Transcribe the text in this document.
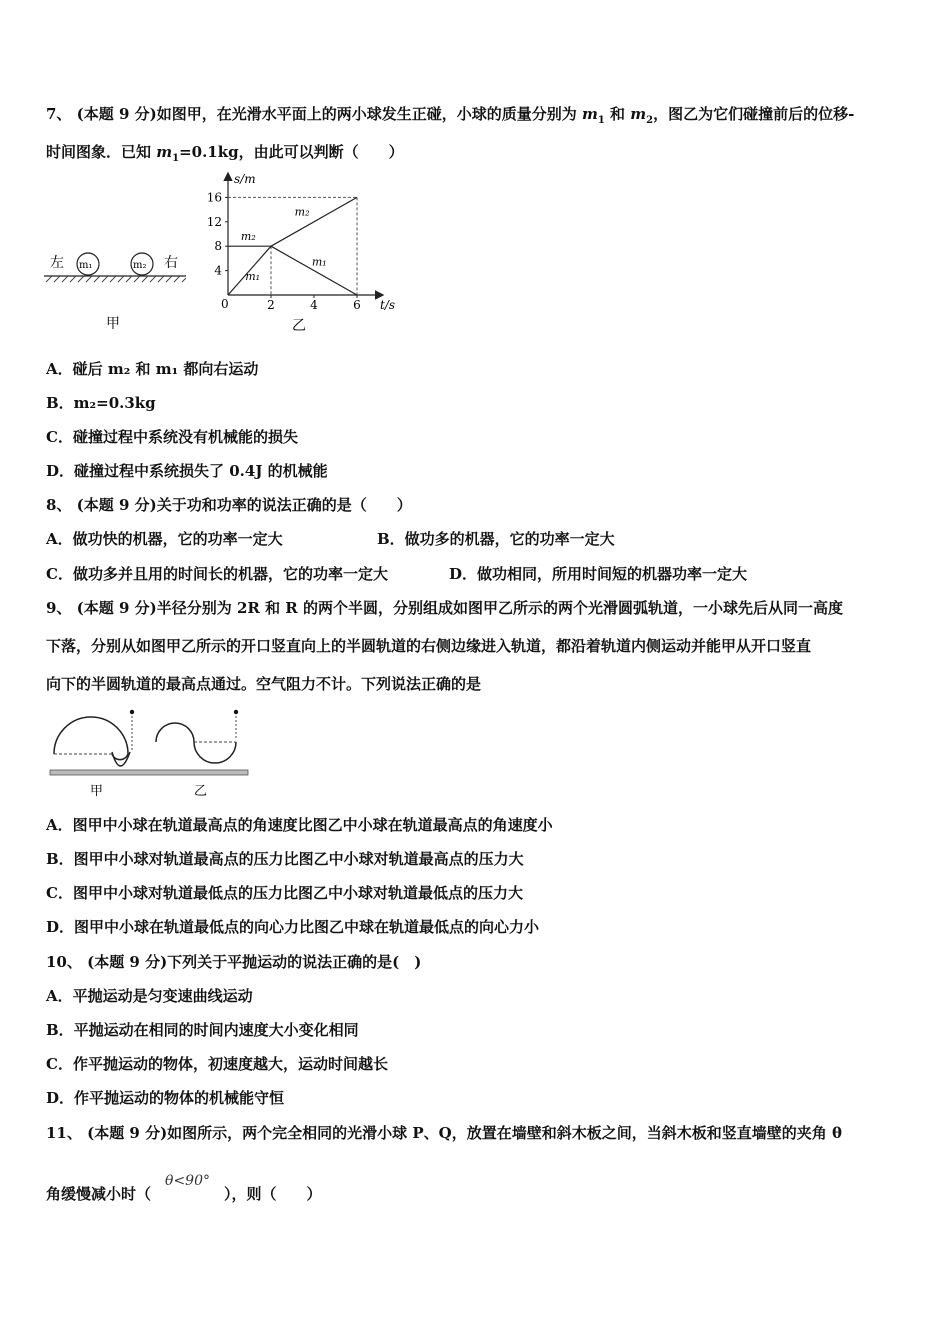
7、 (本题 9 分)如图甲，在光滑水平面上的两小球发生正碰，小球的质量分别为 $m_1$ 和 $m_2$，图乙为它们碰撞前后的位移-
时间图象．已知 $m_1=0.1kg$，由此可以判断（　　）
左 m₁	m₂ 右
甲
s/m
t/s
0
4
8
12
16
2	4	6
m₁
m₂
m₂
m₁
乙
A．碰后 m₂ 和 m₁ 都向右运动
B．m₂=0.3kg
C．碰撞过程中系统没有机械能的损失
D．碰撞过程中系统损失了 0.4J 的机械能
8、 (本题 9 分)关于功和功率的说法正确的是（　　）
A．做功快的机器，它的功率一定大	B．做功多的机器，它的功率一定大
C．做功多并且用的时间长的机器，它的功率一定大	D．做功相同，所用时间短的机器功率一定大
9、 (本题 9 分)半径分别为 2R 和 R 的两个半圆，分别组成如图甲乙所示的两个光滑圆弧轨道，一小球先后从同一高度
下落，分别从如图甲乙所示的开口竖直向上的半圆轨道的右侧边缘进入轨道，都沿着轨道内侧运动并能甲从开口竖直
向下的半圆轨道的最高点通过。空气阻力不计。下列说法正确的是
甲	乙
A．图甲中小球在轨道最高点的角速度比图乙中小球在轨道最高点的角速度小
B．图甲中小球对轨道最高点的压力比图乙中小球对轨道最高点的压力大
C．图甲中小球对轨道最低点的压力比图乙中小球对轨道最低点的压力大
D．图甲中小球在轨道最低点的向心力比图乙中球在轨道最低点的向心力小
10、 (本题 9 分)下列关于平抛运动的说法正确的是(　)
A．平抛运动是匀变速曲线运动
B．平抛运动在相同的时间内速度大小变化相同
C．作平抛运动的物体，初速度越大，运动时间越长
D．作平抛运动的物体的机械能守恒
11、 (本题 9 分)如图所示，两个完全相同的光滑小球 P、Q，放置在墙壁和斜木板之间，当斜木板和竖直墙壁的夹角 θ
角缓慢减小时（θ<90°），则（　　）
